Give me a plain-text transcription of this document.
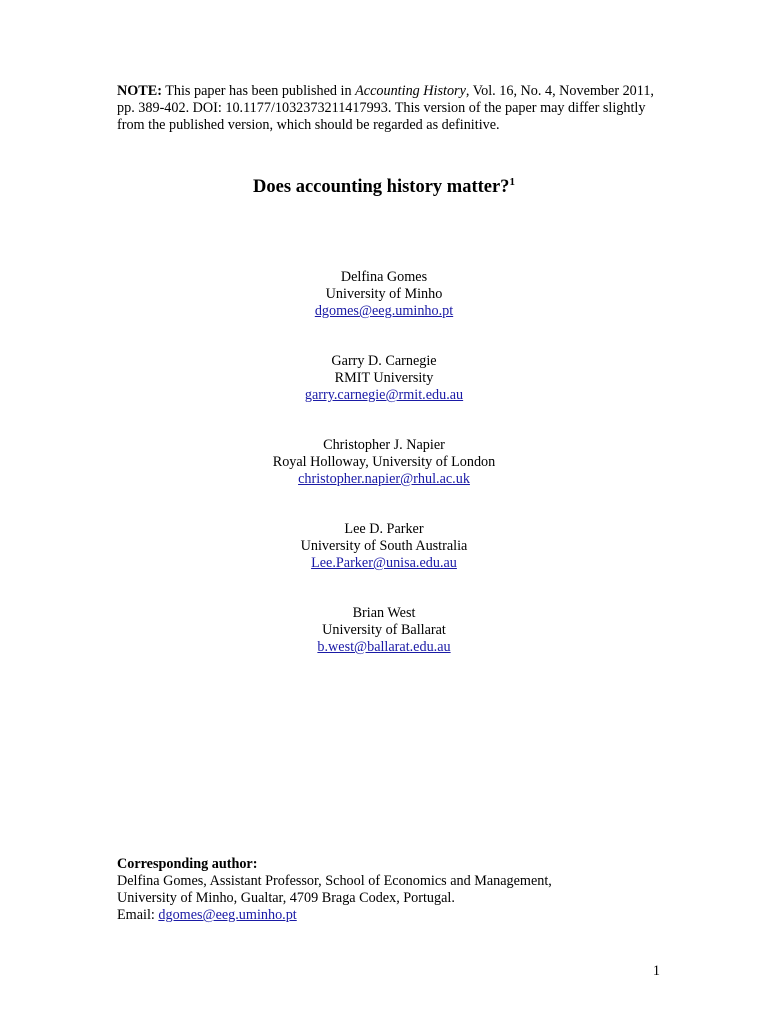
NOTE: This paper has been published in Accounting History, Vol. 16, No. 4, November 2011, pp. 389-402. DOI: 10.1177/1032373211417993. This version of the paper may differ slightly from the published version, which should be regarded as definitive.
Does accounting history matter?$^1$
Delfina Gomes
University of Minho
dgomes@eeg.uminho.pt
Garry D. Carnegie
RMIT University
garry.carnegie@rmit.edu.au
Christopher J. Napier
Royal Holloway, University of London
christopher.napier@rhul.ac.uk
Lee D. Parker
University of South Australia
Lee.Parker@unisa.edu.au
Brian West
University of Ballarat
b.west@ballarat.edu.au
Corresponding author:
Delfina Gomes, Assistant Professor, School of Economics and Management,
University of Minho, Gualtar, 4709 Braga Codex, Portugal.
Email: dgomes@eeg.uminho.pt
1
